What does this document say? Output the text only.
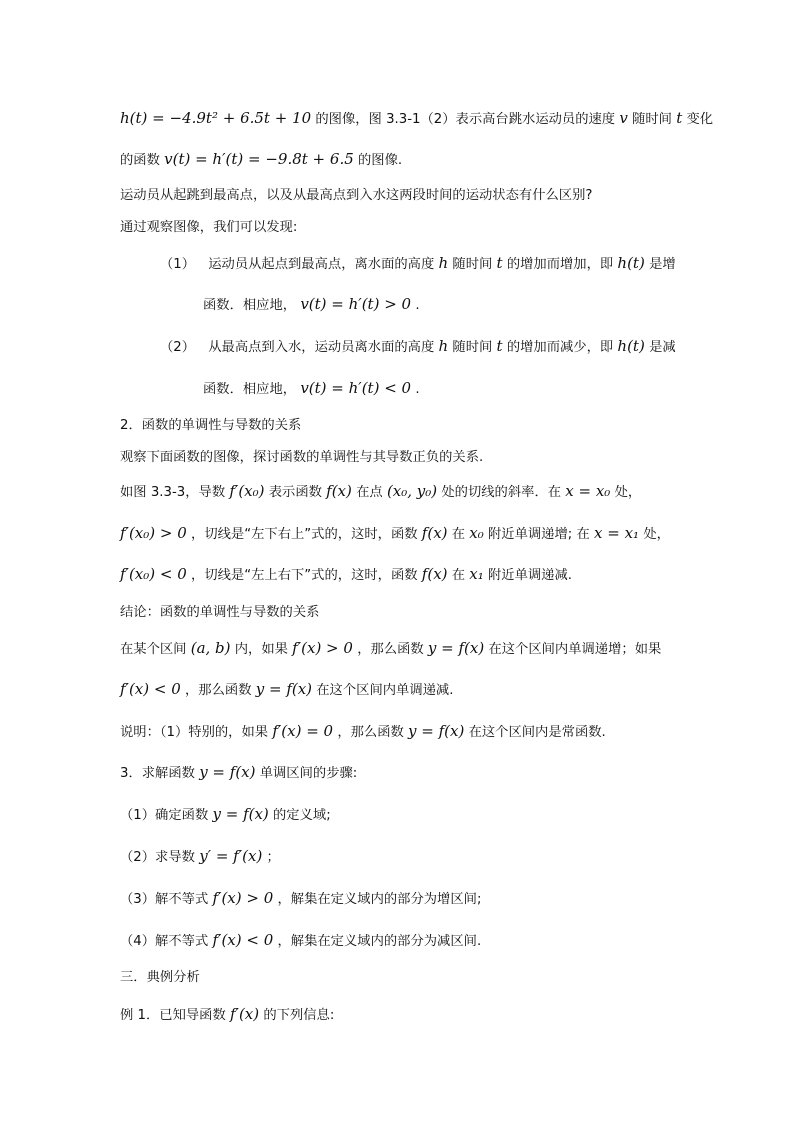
h(t) = −4.9t² + 6.5t + 10 的图像，图 3.3-1（2）表示高台跳水运动员的速度 v 随时间 t 变化
的函数 v(t) = h′(t) = −9.8t + 6.5 的图像.
运动员从起跳到最高点，以及从最高点到入水这两段时间的运动状态有什么区别?
通过观察图像，我们可以发现:
（1） 运动员从起点到最高点，离水面的高度 h 随时间 t 的增加而增加，即 h(t) 是增
函数．相应地， v(t) = h′(t) > 0 .
（2） 从最高点到入水，运动员离水面的高度 h 随时间 t 的增加而减少，即 h(t) 是减
函数．相应地， v(t) = h′(t) < 0 .
2．函数的单调性与导数的关系
观察下面函数的图像，探讨函数的单调性与其导数正负的关系.
如图 3.3-3，导数 f′(x₀) 表示函数 f(x) 在点 (x₀, y₀) 处的切线的斜率．在 x = x₀ 处，
f′(x₀) > 0 ，切线是“左下右上”式的，这时，函数 f(x) 在 x₀ 附近单调递增; 在 x = x₁ 处，
f′(x₀) < 0 ，切线是“左上右下”式的，这时，函数 f(x) 在 x₁ 附近单调递减.
结论：函数的单调性与导数的关系
在某个区间 (a, b) 内，如果 f′(x) > 0 ，那么函数 y = f(x) 在这个区间内单调递增；如果
f′(x) < 0 ，那么函数 y = f(x) 在这个区间内单调递减.
说明：（1）特别的，如果 f′(x) = 0 ，那么函数 y = f(x) 在这个区间内是常函数.
3．求解函数 y = f(x) 单调区间的步骤:
（1）确定函数 y = f(x) 的定义域;
（2）求导数 y′ = f′(x) ；
（3）解不等式 f′(x) > 0 ，解集在定义域内的部分为增区间;
（4）解不等式 f′(x) < 0 ，解集在定义域内的部分为减区间.
三．典例分析
例 1．已知导函数 f′(x) 的下列信息:
